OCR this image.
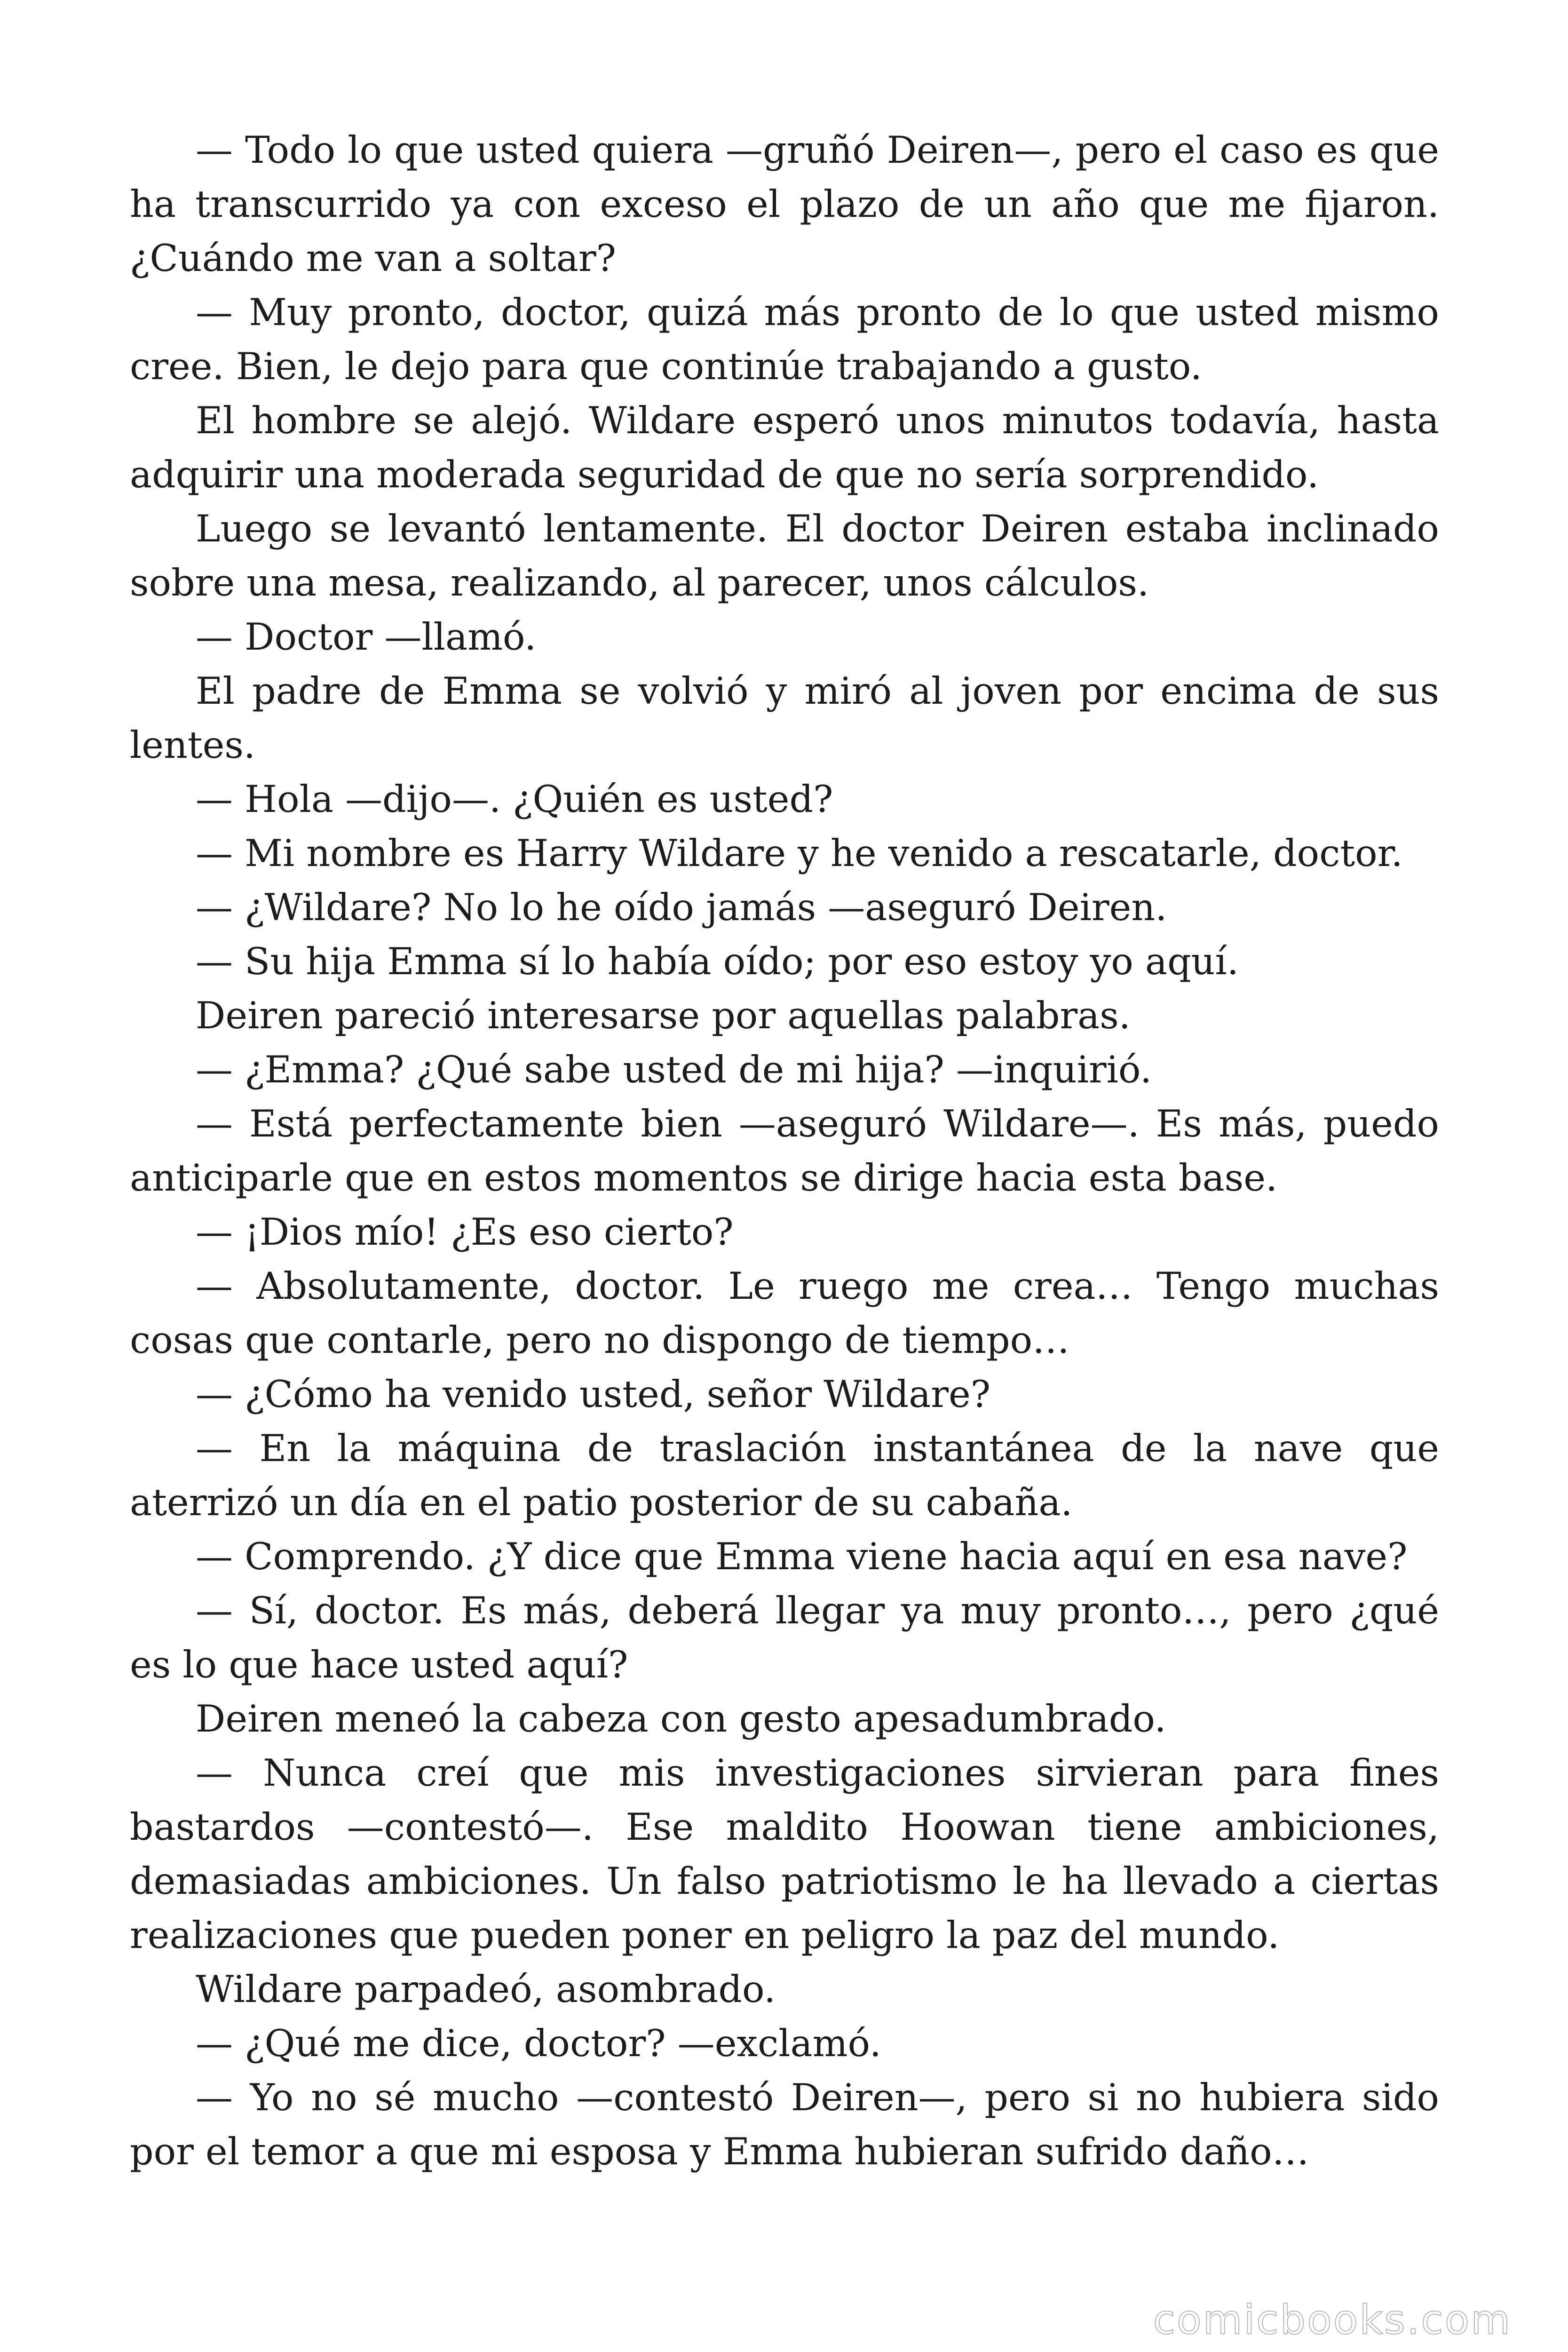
— Todo lo que usted quiera —gruñó Deiren—, pero el caso es que ha transcurrido ya con exceso el plazo de un año que me fijaron. ¿Cuándo me van a soltar?

— Muy pronto, doctor, quizá más pronto de lo que usted mismo cree. Bien, le dejo para que continúe trabajando a gusto.

El hombre se alejó. Wildare esperó unos minutos todavía, hasta adquirir una moderada seguridad de que no sería sorprendido.

Luego se levantó lentamente. El doctor Deiren estaba inclinado sobre una mesa, realizando, al parecer, unos cálculos.

— Doctor —llamó.

El padre de Emma se volvió y miró al joven por encima de sus lentes.

— Hola —dijo—. ¿Quién es usted?

— Mi nombre es Harry Wildare y he venido a rescatarle, doctor.

— ¿Wildare? No lo he oído jamás —aseguró Deiren.

— Su hija Emma sí lo había oído; por eso estoy yo aquí.

Deiren pareció interesarse por aquellas palabras.

— ¿Emma? ¿Qué sabe usted de mi hija? —inquirió.

— Está perfectamente bien —aseguró Wildare—. Es más, puedo anticiparle que en estos momentos se dirige hacia esta base.

— ¡Dios mío! ¿Es eso cierto?

— Absolutamente, doctor. Le ruego me crea… Tengo muchas cosas que contarle, pero no dispongo de tiempo…

— ¿Cómo ha venido usted, señor Wildare?

— En la máquina de traslación instantánea de la nave que aterrizó un día en el patio posterior de su cabaña.

— Comprendo. ¿Y dice que Emma viene hacia aquí en esa nave?

— Sí, doctor. Es más, deberá llegar ya muy pronto…, pero ¿qué es lo que hace usted aquí?

Deiren meneó la cabeza con gesto apesadumbrado.

— Nunca creí que mis investigaciones sirvieran para fines bastardos —contestó—. Ese maldito Hoowan tiene ambiciones, demasiadas ambiciones. Un falso patriotismo le ha llevado a ciertas realizaciones que pueden poner en peligro la paz del mundo.

Wildare parpadeó, asombrado.

— ¿Qué me dice, doctor? —exclamó.

— Yo no sé mucho —contestó Deiren—, pero si no hubiera sido por el temor a que mi esposa y Emma hubieran sufrido daño…

comicbooks.com
